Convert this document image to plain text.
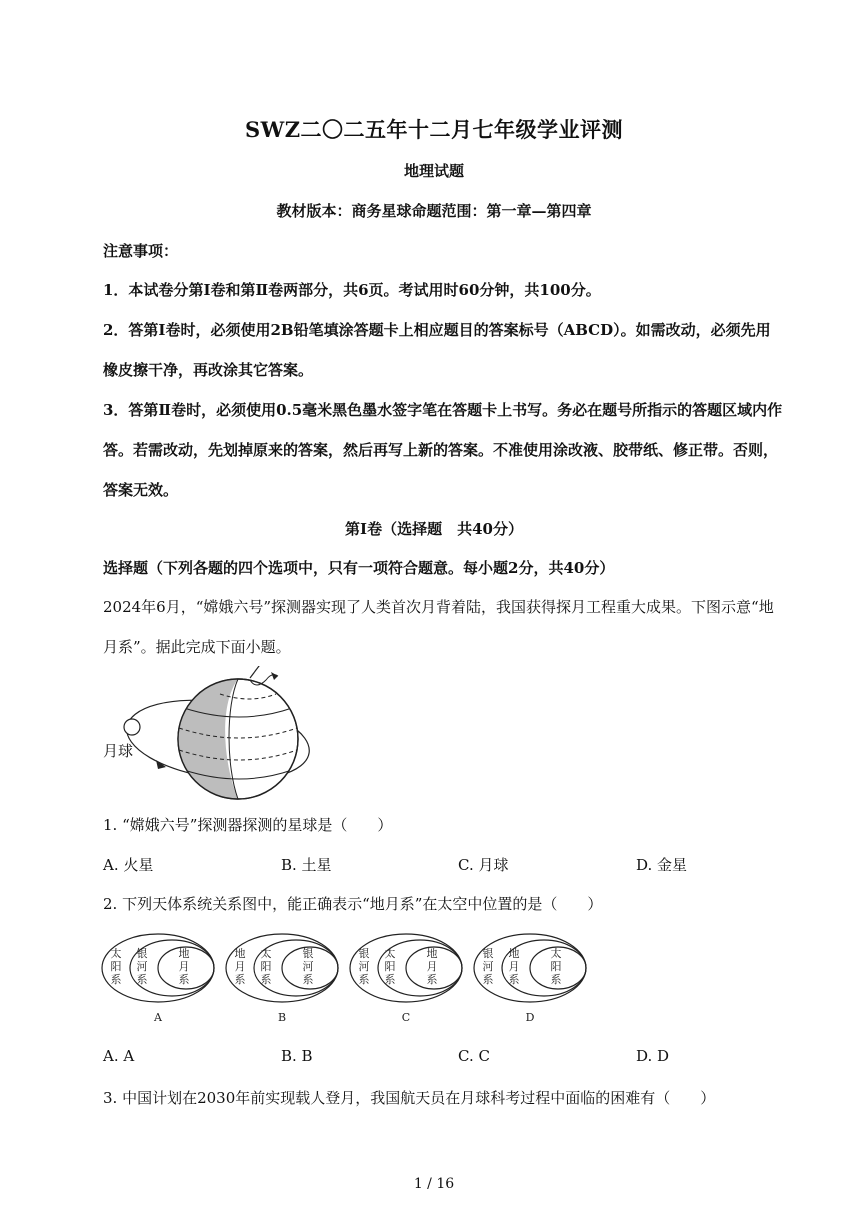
SWZ二〇二五年十二月七年级学业评测
地理试题
教材版本：商务星球命题范围：第一章—第四章
注意事项：
1．本试卷分第Ⅰ卷和第Ⅱ卷两部分，共6页。考试用时60分钟，共100分。
2．答第Ⅰ卷时，必须使用2B铅笔填涂答题卡上相应题目的答案标号（ABCD）。如需改动，必须先用橡皮擦干净，再改涂其它答案。
3．答第Ⅱ卷时，必须使用0.5毫米黑色墨水签字笔在答题卡上书写。务必在题号所指示的答题区域内作答。若需改动，先划掉原来的答案，然后再写上新的答案。不准使用涂改液、胶带纸、修正带。否则，答案无效。
第Ⅰ卷（选择题　共40分）
选择题（下列各题的四个选项中，只有一项符合题意。每小题2分，共40分）
2024年6月，“嫦娥六号”探测器实现了人类首次月背着陆，我国获得探月工程重大成果。下图示意“地月系”。据此完成下面小题。
月球
1. “嫦娥六号”探测器探测的星球是（　　）
A. 火星	B. 土星	C. 月球	D. 金星
2. 下列天体系统关系图中，能正确表示“地月系”在太空中位置的是（　　）
太阳系
银河系
地月系
A
地月系
太阳系
银河系
B
银河系
太阳系
地月系
C
银河系
地月系
太阳系
D
A. A	B. B	C. C	D. D
3. 中国计划在2030年前实现载人登月，我国航天员在月球科考过程中面临的困难有（　　）
1 / 16
